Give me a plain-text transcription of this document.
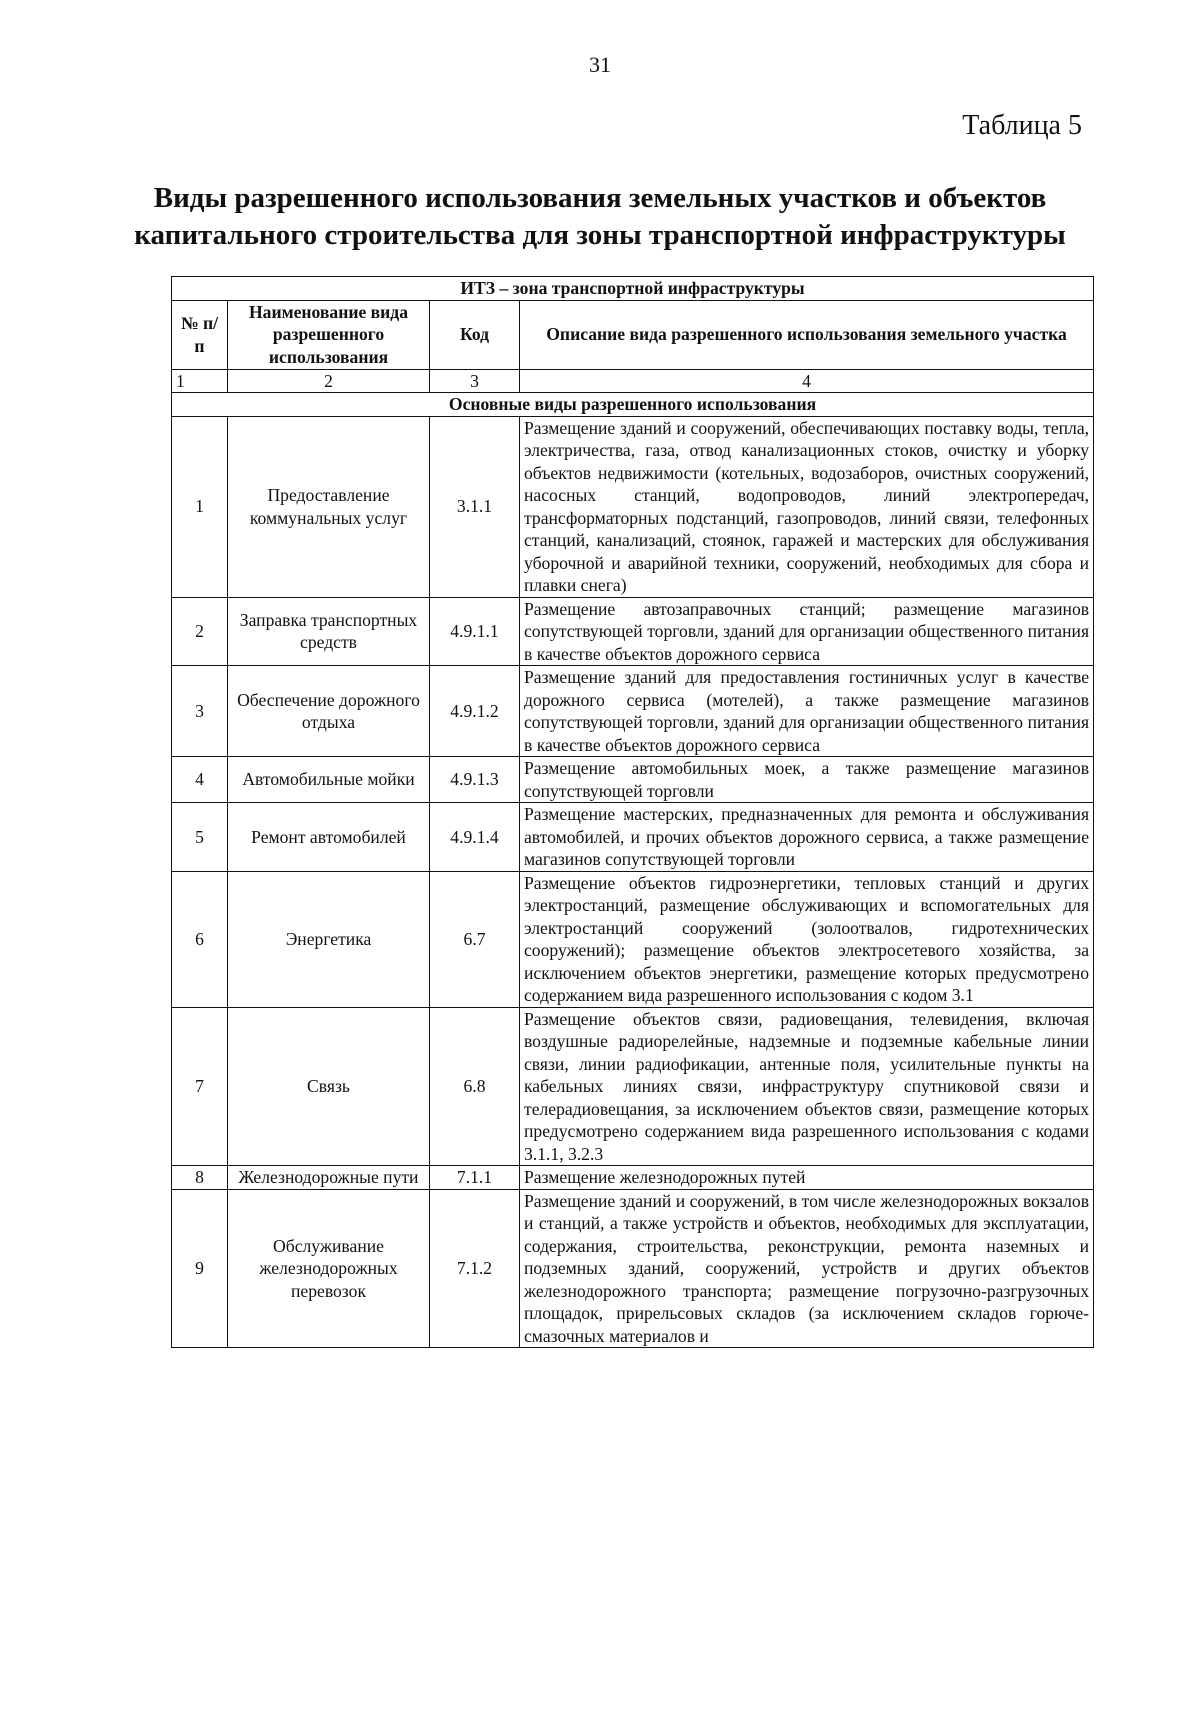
31
Таблица 5
Виды разрешенного использования земельных участков и объектов
капитального строительства для зоны транспортной инфраструктуры
ИТЗ – зона транспортной инфраструктуры			
№ п/п	Наименование вида разрешенного использования	Код	Описание вида разрешенного использования земельного участка
1	2	3	4
Основные виды разрешенного использования			
1	Предоставление коммунальных услуг	3.1.1	Размещение зданий и сооружений, обеспечивающих поставку воды, тепла, электричества, газа, отвод канализационных стоков, очистку и уборку объектов недвижимости (котельных, водозаборов, очистных сооружений, насосных станций, водопроводов, линий электропередач, трансформаторных подстанций, газопроводов, линий связи, телефонных станций, канализаций, стоянок, гаражей и мастерских для обслуживания уборочной и аварийной техники, сооружений, необходимых для сбора и плавки снега)
2	Заправка транспортных средств	4.9.1.1	Размещение автозаправочных станций; размещение магазинов сопутствующей торговли, зданий для организации общественного питания в качестве объектов дорожного сервиса
3	Обеспечение дорожного отдыха	4.9.1.2	Размещение зданий для предоставления гостиничных услуг в качестве дорожного сервиса (мотелей), а также размещение магазинов сопутствующей торговли, зданий для организации общественного питания в качестве объектов дорожного сервиса
4	Автомобильные мойки	4.9.1.3	Размещение автомобильных моек, а также размещение магазинов сопутствующей торговли
5	Ремонт автомобилей	4.9.1.4	Размещение мастерских, предназначенных для ремонта и обслуживания автомобилей, и прочих объектов дорожного сервиса, а также размещение магазинов сопутствующей торговли
6	Энергетика	6.7	Размещение объектов гидроэнергетики, тепловых станций и других электростанций, размещение обслуживающих и вспомогательных для электростанций сооружений (золоотвалов, гидротехнических сооружений); размещение объектов электросетевого хозяйства, за исключением объектов энергетики, размещение которых предусмотрено содержанием вида разрешенного использования с кодом 3.1
7	Связь	6.8	Размещение объектов связи, радиовещания, телевидения, включая воздушные радиорелейные, надземные и подземные кабельные линии связи, линии радиофикации, антенные поля, усилительные пункты на кабельных линиях связи, инфраструктуру спутниковой связи и телерадиовещания, за исключением объектов связи, размещение которых предусмотрено содержанием вида разрешенного использования с кодами 3.1.1, 3.2.3
8	Железнодорожные пути	7.1.1	Размещение железнодорожных путей
9	Обслуживание железнодорожных перевозок	7.1.2	Размещение зданий и сооружений, в том числе железнодорожных вокзалов и станций, а также устройств и объектов, необходимых для эксплуатации, содержания, строительства, реконструкции, ремонта наземных и подземных зданий, сооружений, устройств и других объектов железнодорожного транспорта; размещение погрузочно-разгрузочных площадок, прирельсовых складов (за исключением складов горюче-смазочных материалов и
